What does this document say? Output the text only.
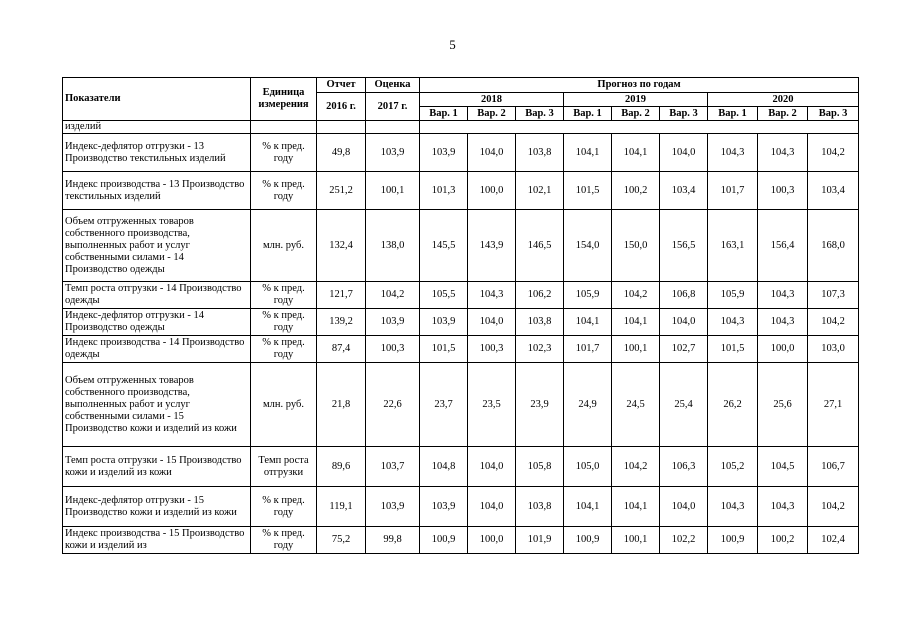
5
Показатели	Единица измерения	Отчет	Оценка	Прогноз по годам								
		2016 г.	2017 г.	2018			2019			2020		
				Вар. 1	Вар. 2	Вар. 3	Вар. 1	Вар. 2	Вар. 3	Вар. 1	Вар. 2	Вар. 3
изделий												
Индекс-дефлятор отгрузки - 13 Производство текстильных изделий	% к пред. году	49,8	103,9	103,9	104,0	103,8	104,1	104,1	104,0	104,3	104,3	104,2
Индекс производства - 13 Производство текстильных изделий	% к пред. году	251,2	100,1	101,3	100,0	102,1	101,5	100,2	103,4	101,7	100,3	103,4
Объем отгруженных товаров собственного производства, выполненных работ и услуг собственными силами - 14 Производство одежды	млн. руб.	132,4	138,0	145,5	143,9	146,5	154,0	150,0	156,5	163,1	156,4	168,0
Темп роста отгрузки - 14 Производство одежды	% к пред. году	121,7	104,2	105,5	104,3	106,2	105,9	104,2	106,8	105,9	104,3	107,3
Индекс-дефлятор отгрузки - 14 Производство одежды	% к пред. году	139,2	103,9	103,9	104,0	103,8	104,1	104,1	104,0	104,3	104,3	104,2
Индекс производства - 14 Производство одежды	% к пред. году	87,4	100,3	101,5	100,3	102,3	101,7	100,1	102,7	101,5	100,0	103,0
Объем отгруженных товаров собственного производства, выполненных работ и услуг собственными силами - 15 Производство кожи и изделий из кожи	млн. руб.	21,8	22,6	23,7	23,5	23,9	24,9	24,5	25,4	26,2	25,6	27,1
Темп роста отгрузки - 15 Производство кожи и изделий из кожи	Темп роста отгрузки	89,6	103,7	104,8	104,0	105,8	105,0	104,2	106,3	105,2	104,5	106,7
Индекс-дефлятор отгрузки - 15 Производство кожи и изделий из кожи	% к пред. году	119,1	103,9	103,9	104,0	103,8	104,1	104,1	104,0	104,3	104,3	104,2
Индекс производства - 15 Производство кожи и изделий из	% к пред. году	75,2	99,8	100,9	100,0	101,9	100,9	100,1	102,2	100,9	100,2	102,4
